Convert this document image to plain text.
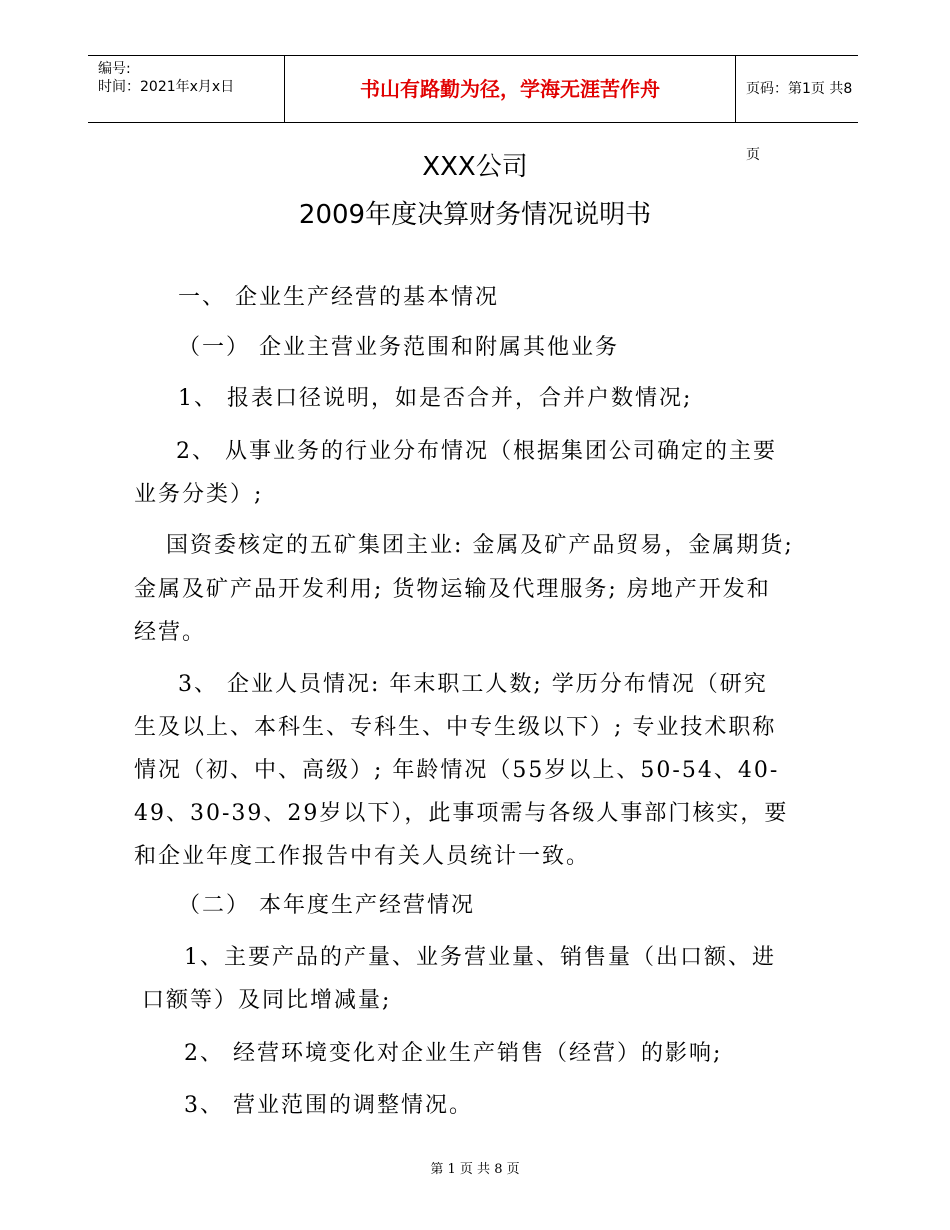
编号:
时间：2021年x月x日	书山有路勤为径，学海无涯苦作舟	页码：第1页 共8页
XXX公司
2009年度决算财务情况说明书
一、 企业生产经营的基本情况
（一） 企业主营业务范围和附属其他业务
1、 报表口径说明，如是否合并，合并户数情况;
2、 从事业务的行业分布情况（根据集团公司确定的主要
业务分类）;
国资委核定的五矿集团主业: 金属及矿产品贸易，金属期货;
金属及矿产品开发利用; 货物运输及代理服务; 房地产开发和
经营。
3、 企业人员情况: 年末职工人数; 学历分布情况（研究
生及以上、本科生、专科生、中专生级以下）; 专业技术职称
情况（初、中、高级）; 年龄情况（55岁以上、50-54、40-
49、30-39、29岁以下），此事项需与各级人事部门核实，要
和企业年度工作报告中有关人员统计一致。
（二） 本年度生产经营情况
1、主要产品的产量、业务营业量、销售量（出口额、进
口额等）及同比增减量;
2、 经营环境变化对企业生产销售（经营）的影响;
3、 营业范围的调整情况。
第 1 页 共 8 页
